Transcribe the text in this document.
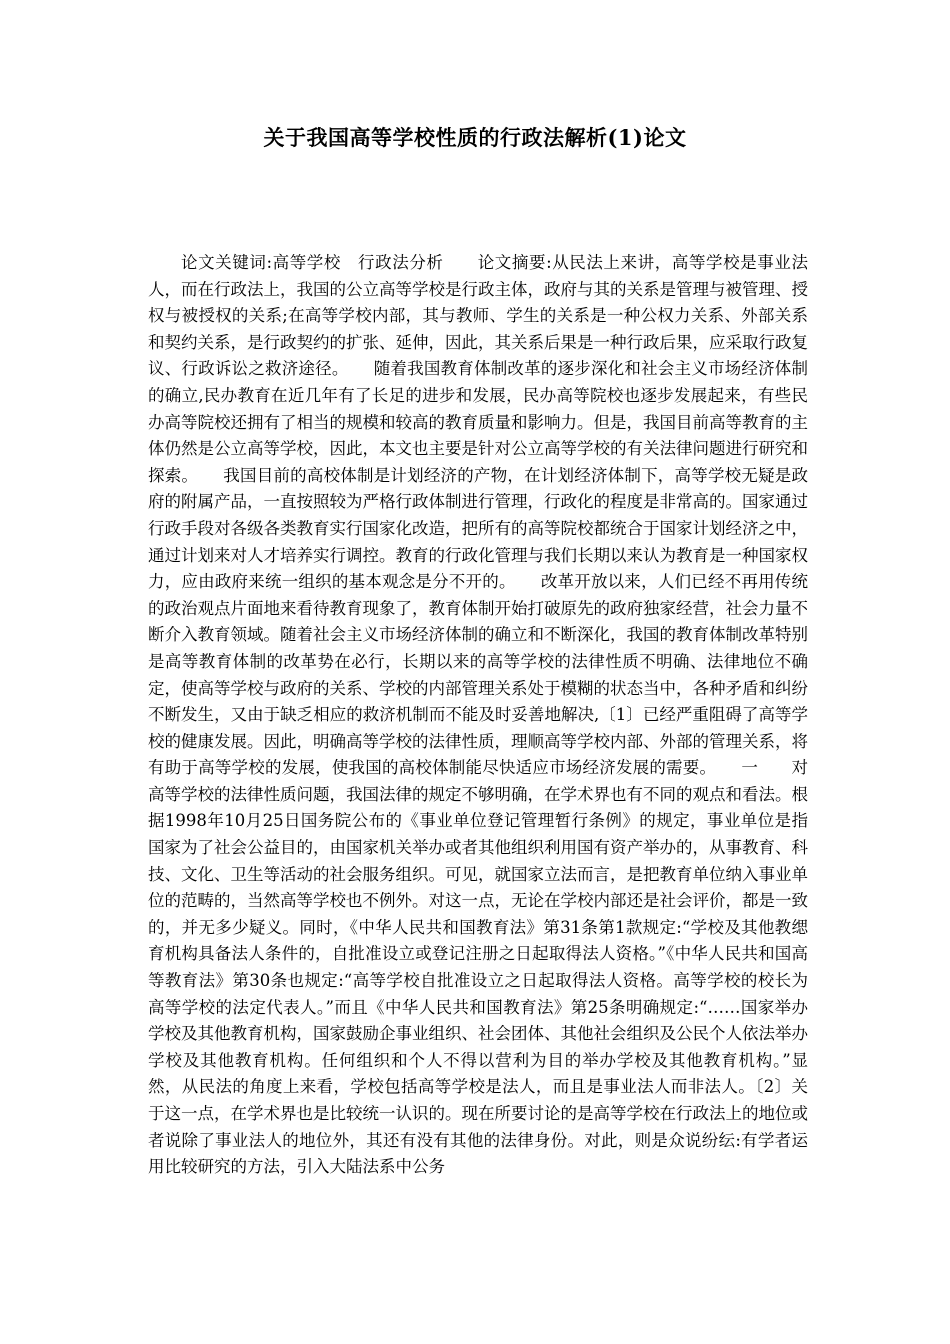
关于我国高等学校性质的行政法解析(1)论文
论文关键词:高等学校　行政法分析　　论文摘要:从民法上来讲，高等学校是事业法人，而在行政法上，我国的公立高等学校是行政主体，政府与其的关系是管理与被管理、授权与被授权的关系;在高等学校内部，其与教师、学生的关系是一种公权力关系、外部关系和契约关系，是行政契约的扩张、延伸，因此，其关系后果是一种行政后果，应采取行政复议、行政诉讼之救济途径。　　随着我国教育体制改革的逐步深化和社会主义市场经济体制的确立,民办教育在近几年有了长足的进步和发展，民办高等院校也逐步发展起来，有些民办高等院校还拥有了相当的规模和较高的教育质量和影响力。但是，我国目前高等教育的主体仍然是公立高等学校，因此，本文也主要是针对公立高等学校的有关法律问题进行研究和探索。　　我国目前的高校体制是计划经济的产物，在计划经济体制下，高等学校无疑是政府的附属产品，一直按照较为严格行政体制进行管理，行政化的程度是非常高的。国家通过行政手段对各级各类教育实行国家化改造，把所有的高等院校都统合于国家计划经济之中，通过计划来对人才培养实行调控。教育的行政化管理与我们长期以来认为教育是一种国家权力，应由政府来统一组织的基本观念是分不开的。　　改革开放以来，人们已经不再用传统的政治观点片面地来看待教育现象了，教育体制开始打破原先的政府独家经营，社会力量不断介入教育领域。随着社会主义市场经济体制的确立和不断深化，我国的教育体制改革特别是高等教育体制的改革势在必行，长期以来的高等学校的法律性质不明确、法律地位不确定，使高等学校与政府的关系、学校的内部管理关系处于模糊的状态当中，各种矛盾和纠纷不断发生，又由于缺乏相应的救济机制而不能及时妥善地解决,〔1〕已经严重阻碍了高等学校的健康发展。因此，明确高等学校的法律性质，理顺高等学校内部、外部的管理关系，将有助于高等学校的发展，使我国的高校体制能尽快适应市场经济发展的需要。　　一　　对高等学校的法律性质问题，我国法律的规定不够明确，在学术界也有不同的观点和看法。根据1998年10月25日国务院公布的《事业单位登记管理暂行条例》的规定，事业单位是指国家为了社会公益目的，由国家机关举办或者其他组织利用国有资产举办的，从事教育、科技、文化、卫生等活动的社会服务组织。可见，就国家立法而言，是把教育单位纳入事业单位的范畴的，当然高等学校也不例外。对这一点，无论在学校内部还是社会评价，都是一致的，并无多少疑义。同时，《中华人民共和国教育法》第31条第1款规定:“学校及其他教缌育机构具备法人条件的，自批准设立或登记注册之日起取得法人资格。”《中华人民共和国高等教育法》第30条也规定:“高等学校自批准设立之日起取得法人资格。高等学校的校长为高等学校的法定代表人。”而且《中华人民共和国教育法》第25条明确规定:“……国家举办学校及其他教育机构，国家鼓励企事业组织、社会团体、其他社会组织及公民个人依法举办学校及其他教育机构。任何组织和个人不得以营利为目的举办学校及其他教育机构。”显然，从民法的角度上来看，学校包括高等学校是法人，而且是事业法人而非法人。〔2〕关于这一点，在学术界也是比较统一认识的。现在所要讨论的是高等学校在行政法上的地位或者说除了事业法人的地位外，其还有没有其他的法律身份。对此，则是众说纷纭:有学者运用比较研究的方法，引入大陆法系中公务
